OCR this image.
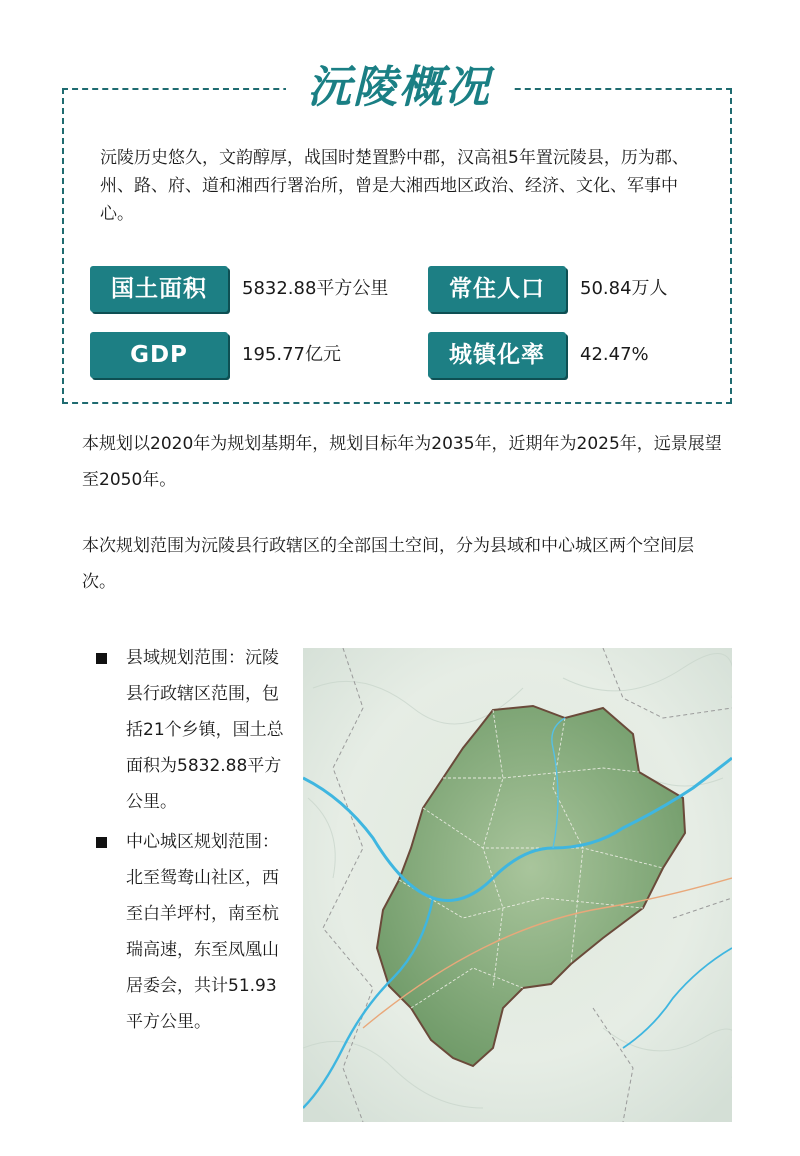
沅陵概况

沅陵历史悠久，文韵醇厚，战国时楚置黔中郡，汉高祖5年置沅陵县，历为郡、州、路、府、道和湘西行署治所，曾是大湘西地区政治、经济、文化、军事中心。

国土面积	5832.88平方公里	常住人口	50.84万人
GDP	195.77亿元	城镇化率	42.47%

本规划以2020年为规划基期年，规划目标年为2035年，近期年为2025年，远景展望至2050年。

本次规划范围为沅陵县行政辖区的全部国土空间，分为县域和中心城区两个空间层次。

县域规划范围：沅陵县行政辖区范围，包括21个乡镇，国土总面积为5832.88平方公里。
中心城区规划范围：北至鸳鸯山社区，西至白羊坪村，南至杭瑞高速，东至凤凰山居委会，共计51.93平方公里。
